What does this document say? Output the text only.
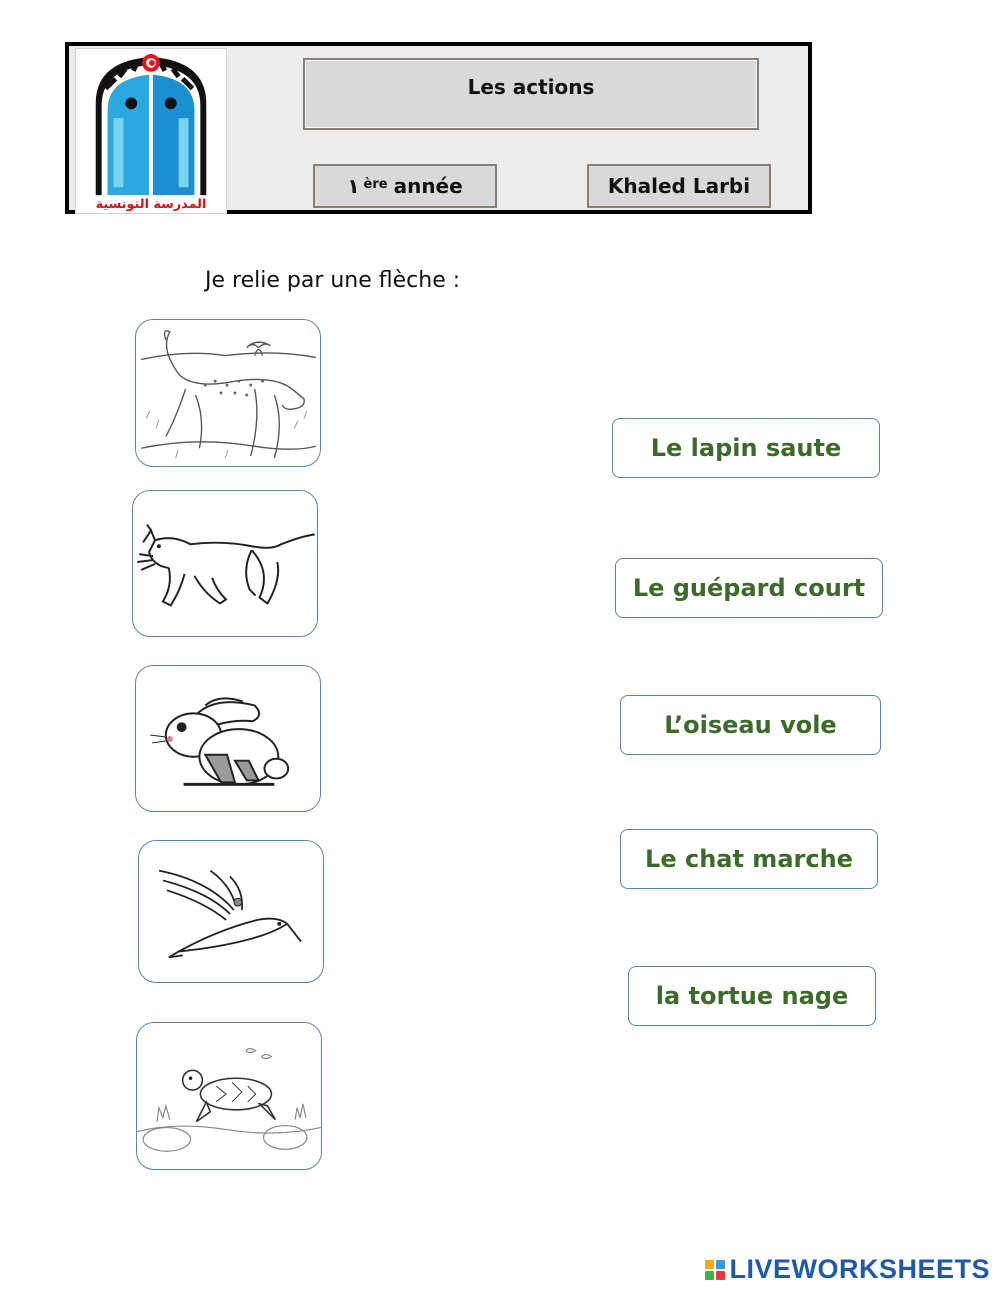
المدرسة التونسية
Les actions
١ $^{ère}$ année	Khaled Larbi
Je relie par une flèche :
Le lapin saute
Le guépard court
L’oiseau vole
Le chat marche
la tortue nage
LIVEWORKSHEETS
